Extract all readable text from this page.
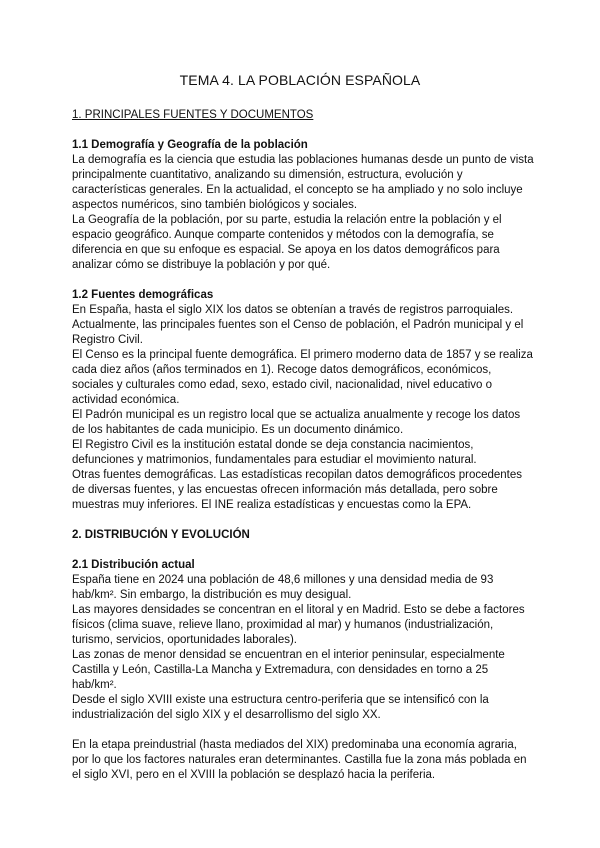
TEMA 4. LA POBLACIÓN ESPAÑOLA
1. PRINCIPALES FUENTES Y DOCUMENTOS
1.1 Demografía y Geografía de la población

La demografía es la ciencia que estudia las poblaciones humanas desde un punto de vista principalmente cuantitativo, analizando su dimensión, estructura, evolución y características generales. En la actualidad, el concepto se ha ampliado y no solo incluye aspectos numéricos, sino también biológicos y sociales.

La Geografía de la población, por su parte, estudia la relación entre la población y el espacio geográfico. Aunque comparte contenidos y métodos con la demografía, se diferencia en que su enfoque es espacial. Se apoya en los datos demográficos para analizar cómo se distribuye la población y por qué.

1.2 Fuentes demográficas

En España, hasta el siglo XIX los datos se obtenían a través de registros parroquiales.

Actualmente, las principales fuentes son el Censo de población, el Padrón municipal y el Registro Civil.

El Censo es la principal fuente demográfica. El primero moderno data de 1857 y se realiza cada diez años (años terminados en 1). Recoge datos demográficos, económicos, sociales y culturales como edad, sexo, estado civil, nacionalidad, nivel educativo o actividad económica.

El Padrón municipal es un registro local que se actualiza anualmente y recoge los datos de los habitantes de cada municipio. Es un documento dinámico.

El Registro Civil es la institución estatal donde se deja constancia nacimientos, defunciones y matrimonios, fundamentales para estudiar el movimiento natural.

Otras fuentes demográficas. Las estadísticas recopilan datos demográficos procedentes de diversas fuentes, y las encuestas ofrecen información más detallada, pero sobre muestras muy inferiores. El INE realiza estadísticas y encuestas como la EPA.

2. DISTRIBUCIÓN Y EVOLUCIÓN
2.1 Distribución actual

España tiene en 2024 una población de 48,6 millones y una densidad media de 93 hab/km². Sin embargo, la distribución es muy desigual.

Las mayores densidades se concentran en el litoral y en Madrid. Esto se debe a factores físicos (clima suave, relieve llano, proximidad al mar) y humanos (industrialización, turismo, servicios, oportunidades laborales).

Las zonas de menor densidad se encuentran en el interior peninsular, especialmente Castilla y León, Castilla-La Mancha y Extremadura, con densidades en torno a 25 hab/km².

Desde el siglo XVIII existe una estructura centro-periferia que se intensificó con la industrialización del siglo XIX y el desarrollismo del siglo XX.

En la etapa preindustrial (hasta mediados del XIX) predominaba una economía agraria, por lo que los factores naturales eran determinantes. Castilla fue la zona más poblada en el siglo XVI, pero en el XVIII la población se desplazó hacia la periferia.
